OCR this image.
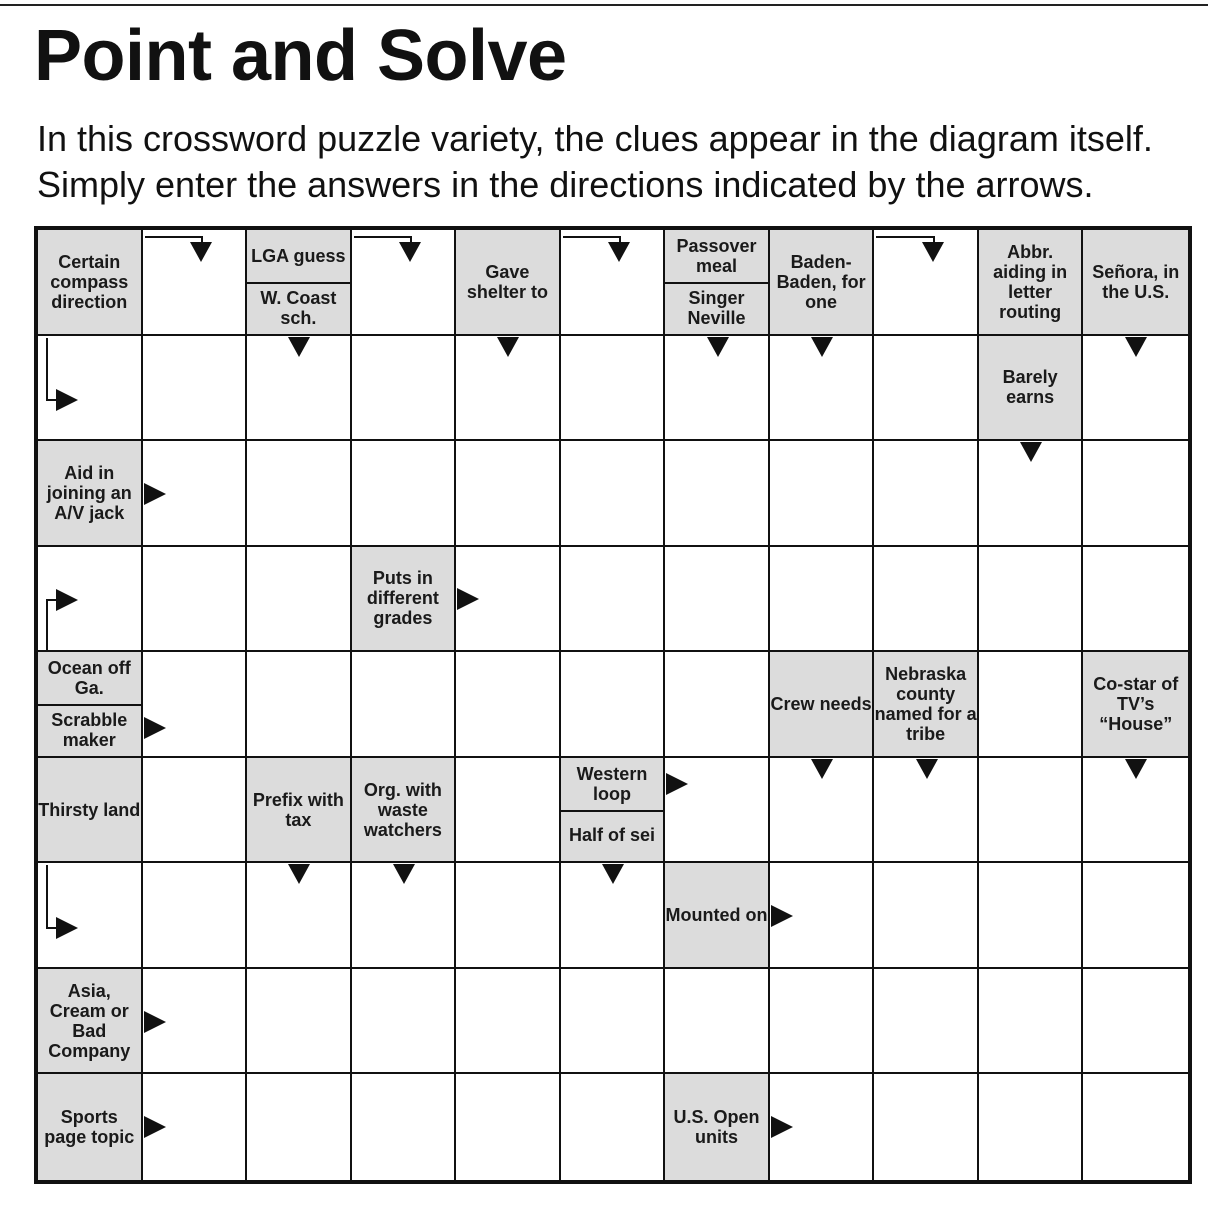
Point and Solve
In this crossword puzzle variety, the clues appear in the diagram itself.
Simply enter the answers in the directions indicated by the arrows.
Certain compass direction
LGA guess
W. Coast sch.
Gave shelter to
Passover meal
Singer Neville
Baden-Baden, for one
Abbr. aiding in letter routing
Señora, in the U.S.
Barely earns
Aid in joining an A/V jack
Puts in different grades
Ocean off Ga.
Scrabble maker
Crew needs
Nebraska county named for a tribe
Co-star of TV’s “House”
Thirsty land	Prefix with tax
Org. with waste watchers
Western loop
Half of sei
Mounted on
Asia, Cream or Bad Company
Sports page topic
U.S. Open units
